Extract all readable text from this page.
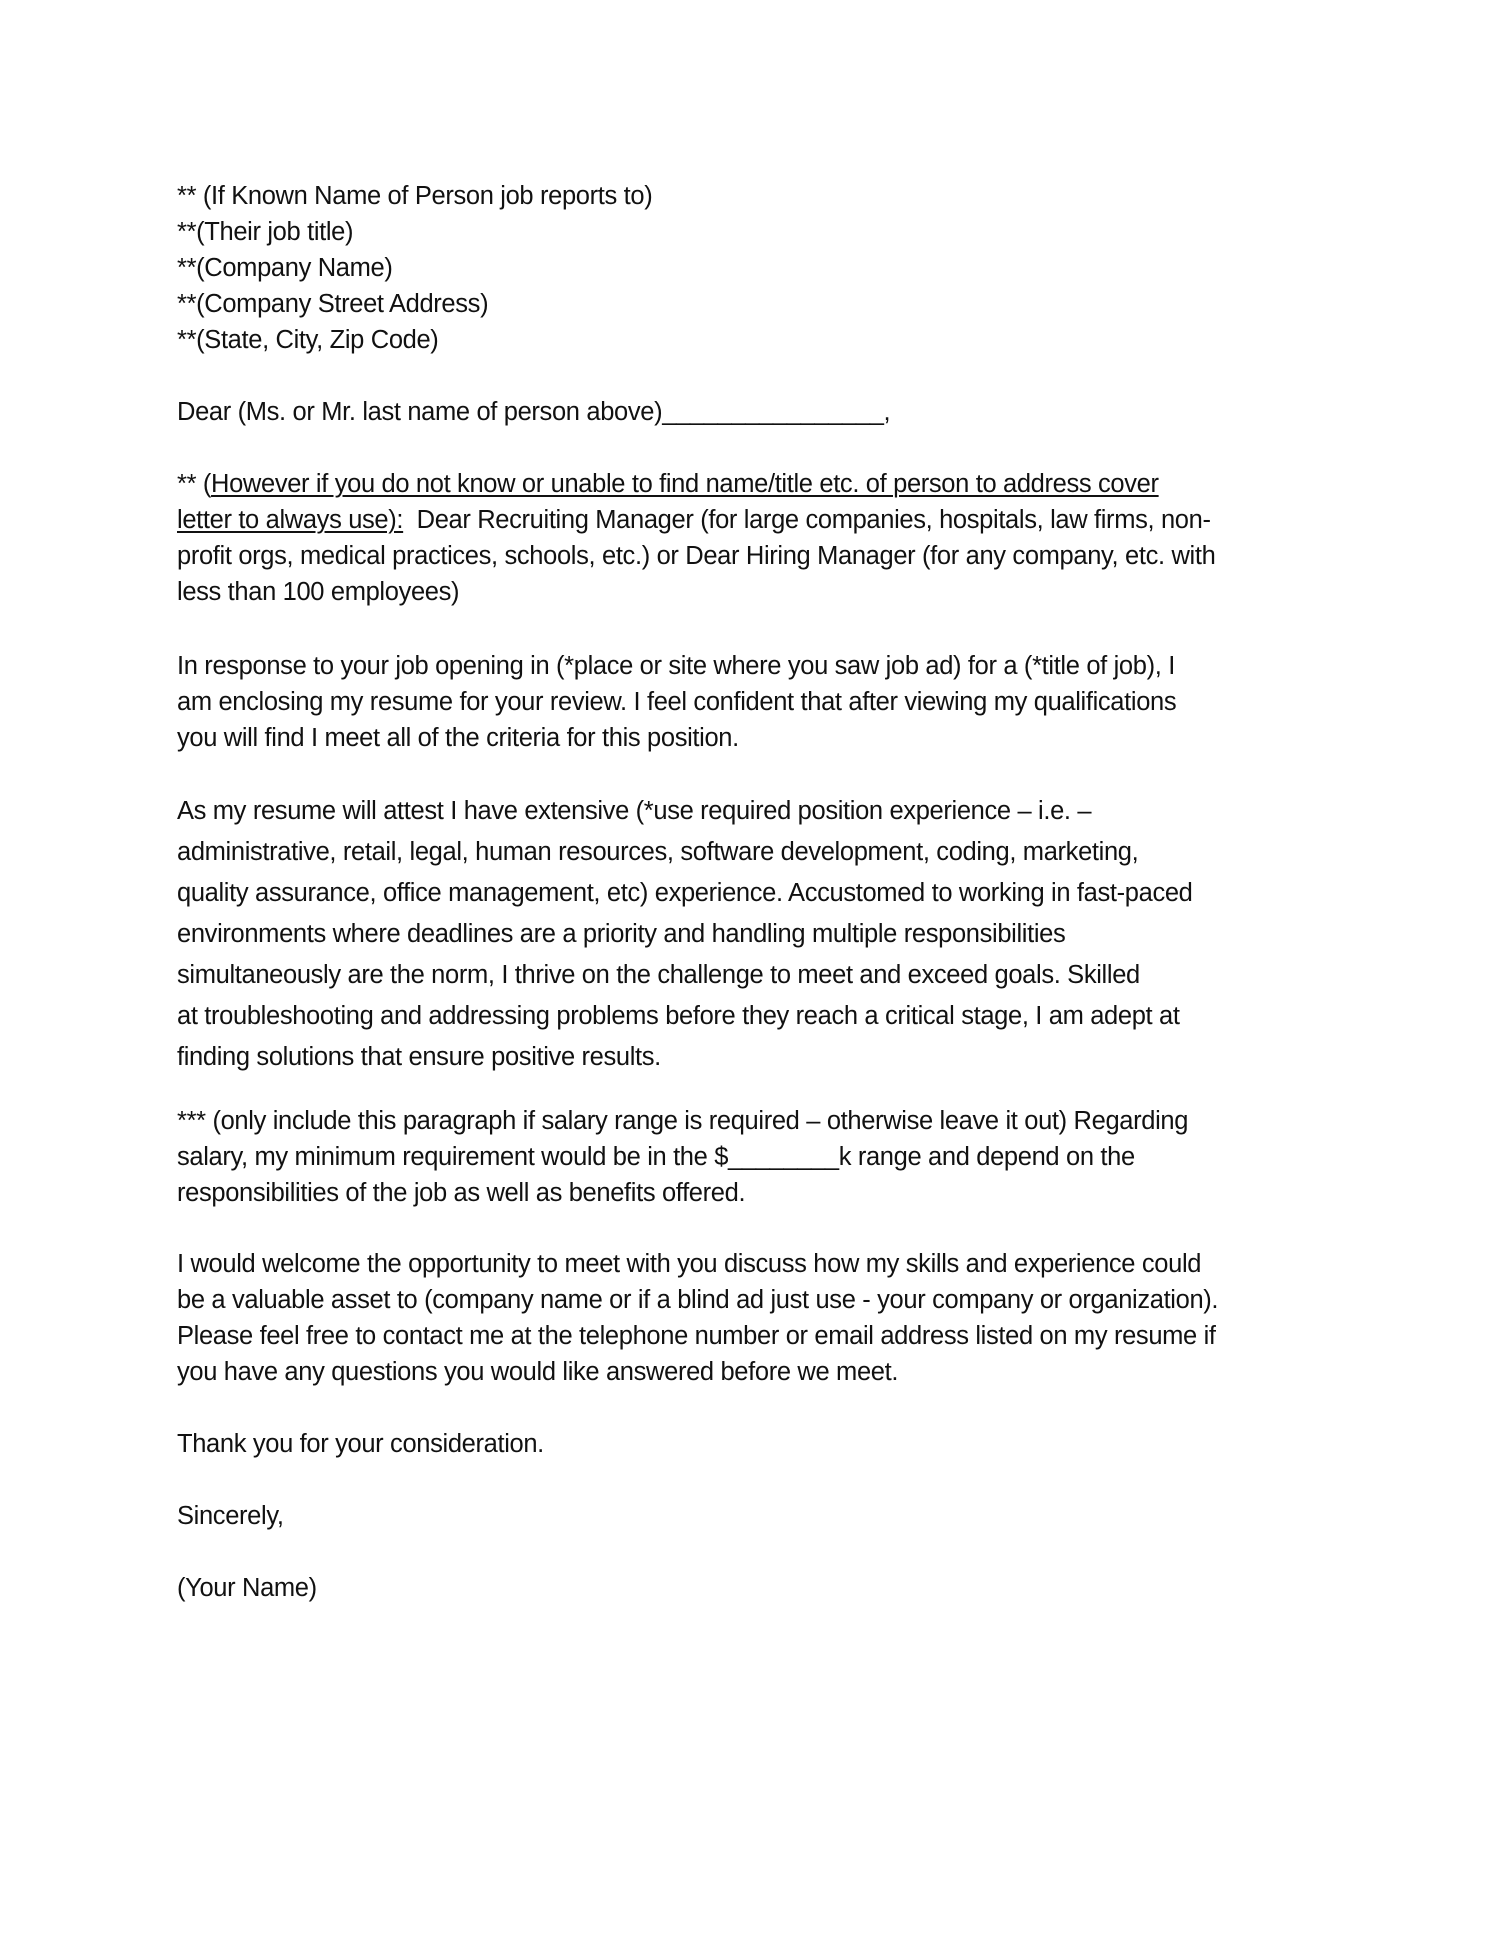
** (If Known Name of Person job reports to)
**(Their job title)
**(Company Name)
**(Company Street Address)
**(State, City, Zip Code)
Dear (Ms. or Mr. last name of person above)________________,
** (However if you do not know or unable to find name/title etc. of person to address cover
letter to always use):  Dear Recruiting Manager (for large companies, hospitals, law firms, non-
profit orgs, medical practices, schools, etc.) or Dear Hiring Manager (for any company, etc. with
less than 100 employees)
In response to your job opening in (*place or site where you saw job ad) for a (*title of job), I
am enclosing my resume for your review. I feel confident that after viewing my qualifications
you will find I meet all of the criteria for this position.
As my resume will attest I have extensive (*use required position experience – i.e. –
administrative, retail, legal, human resources, software development, coding, marketing,
quality assurance, office management, etc) experience. Accustomed to working in fast-paced
environments where deadlines are a priority and handling multiple responsibilities
simultaneously are the norm, I thrive on the challenge to meet and exceed goals. Skilled
at troubleshooting and addressing problems before they reach a critical stage, I am adept at
finding solutions that ensure positive results.
*** (only include this paragraph if salary range is required – otherwise leave it out) Regarding
salary, my minimum requirement would be in the $________k range and depend on the
responsibilities of the job as well as benefits offered.
I would welcome the opportunity to meet with you discuss how my skills and experience could
be a valuable asset to (company name or if a blind ad just use - your company or organization).
Please feel free to contact me at the telephone number or email address listed on my resume if
you have any questions you would like answered before we meet.
Thank you for your consideration.
Sincerely,
(Your Name)
